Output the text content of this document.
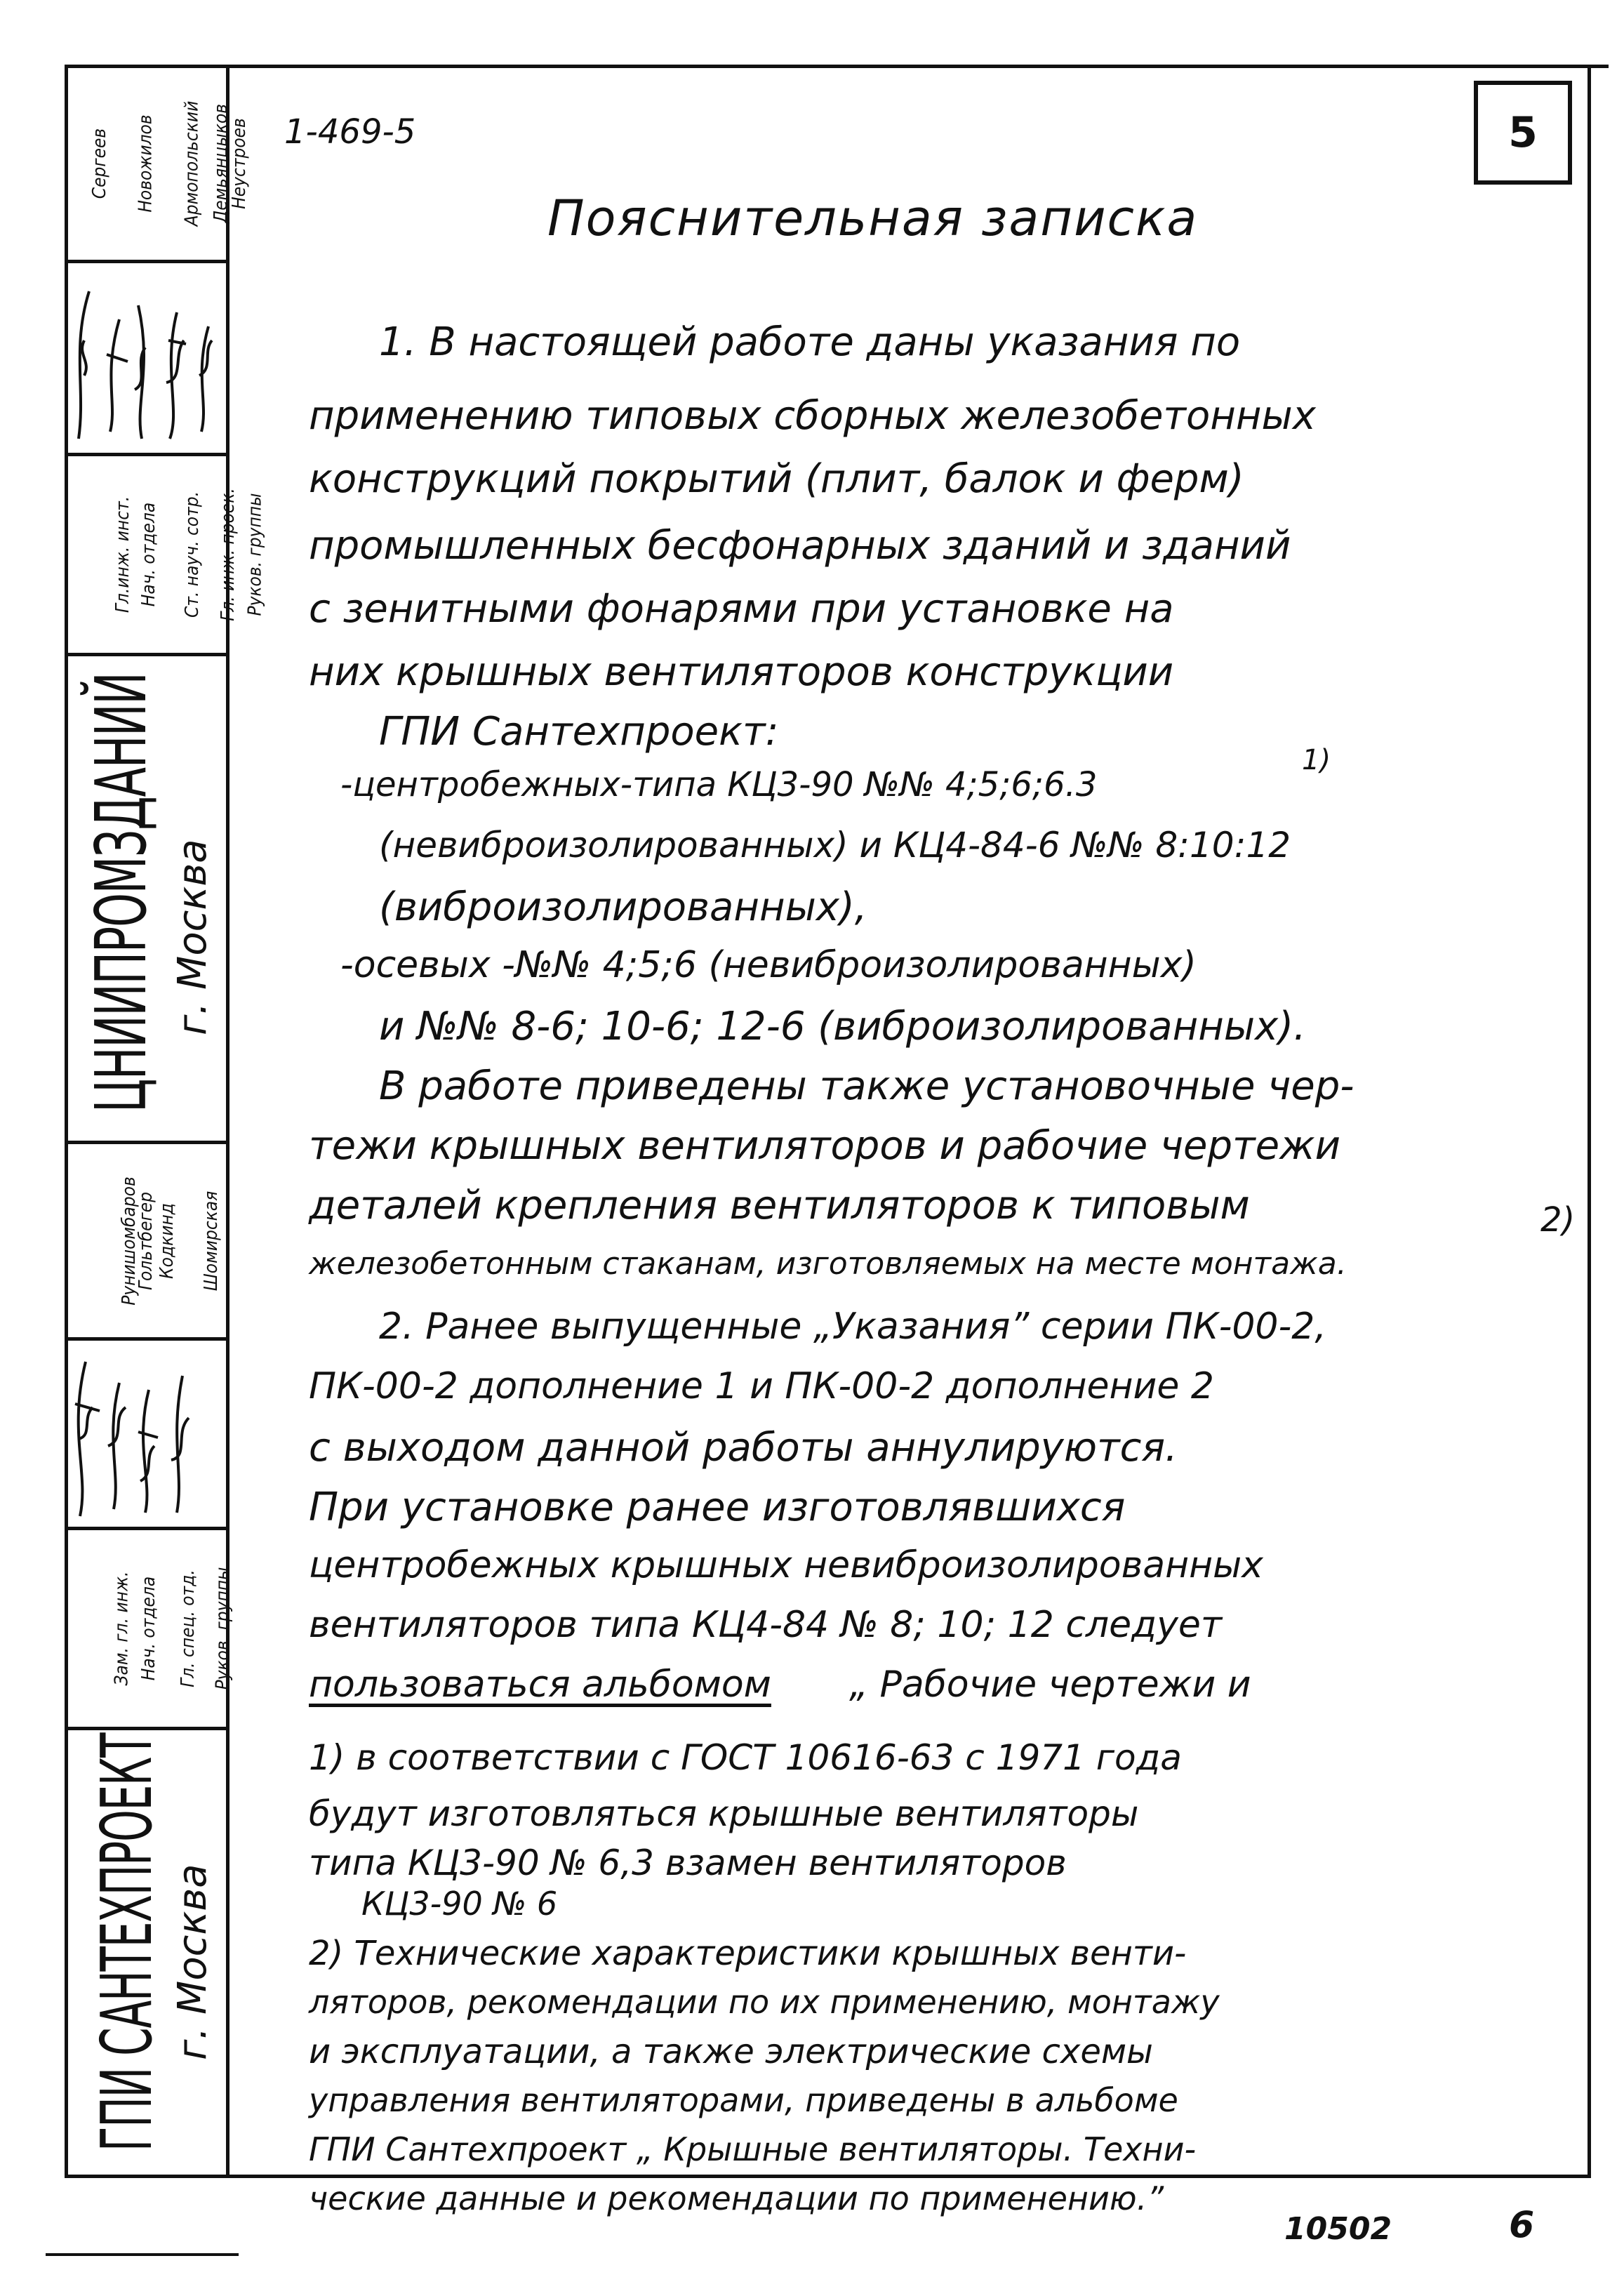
Сергеев Новожилов Армопольский Демьянцыков
Неустроев
Гл.инж. инст. Нач. отдела Ст. науч. сотр. Гл. инж. проек. Руков. группы
ЦНИИПРОМЗДАНИЙ г. Москва
Рунишомбаров
Гольтбегер Кодкинд Шомирская
Зам. гл. инж. Нач. отдела Гл. спец. отд. Руков. группы
ГПИ САНТЕХПРОЕКТ г. Москва
1-469-5	5
Пояснительная записка
1. В настоящей работе даны указания по
применению типовых сборных железобетонных
конструкций покрытий (плит, балок и ферм)
промышленных бесфонарных зданий и зданий
с зенитными фонарями при установке на
них крышных вентиляторов конструкции
ГПИ Сантехпроект:
-центробежных-типа КЦ3-90 №№ 4;5;6;6.3
1)
(невиброизолированных) и КЦ4-84-6 №№ 8:10:12
(виброизолированных),
-осевых -№№ 4;5;6 (невиброизолированных)
и №№ 8-6; 10-6; 12-6 (виброизолированных).
В работе приведены также установочные чер-
тежи крышных вентиляторов и рабочие чертежи
деталей крепления вентиляторов к типовым	2)
железобетонным стаканам, изготовляемых на месте монтажа.
2. Ранее выпущенные „Указания” серии ПК-00-2,
ПК-00-2 дополнение 1 и ПК-00-2 дополнение 2
с выходом данной работы аннулируются.
При установке ранее изготовлявшихся
центробежных крышных невиброизолированных
вентиляторов типа КЦ4-84 № 8; 10; 12 следует
пользоваться альбомом „ Рабочие чертежи и
1) в соответствии с ГОСТ 10616-63 с 1971 года
будут изготовляться крышные вентиляторы
типа КЦ3-90 № 6,3 взамен вентиляторов
КЦ3-90 № 6
2) Технические характеристики крышных венти-
ляторов, рекомендации по их применению, монтажу
и эксплуатации, а также электрические схемы
управления вентиляторами, приведены в альбоме
ГПИ Сантехпроект „ Крышные вентиляторы. Техни-
ческие данные и рекомендации по применению.”
10502	6
